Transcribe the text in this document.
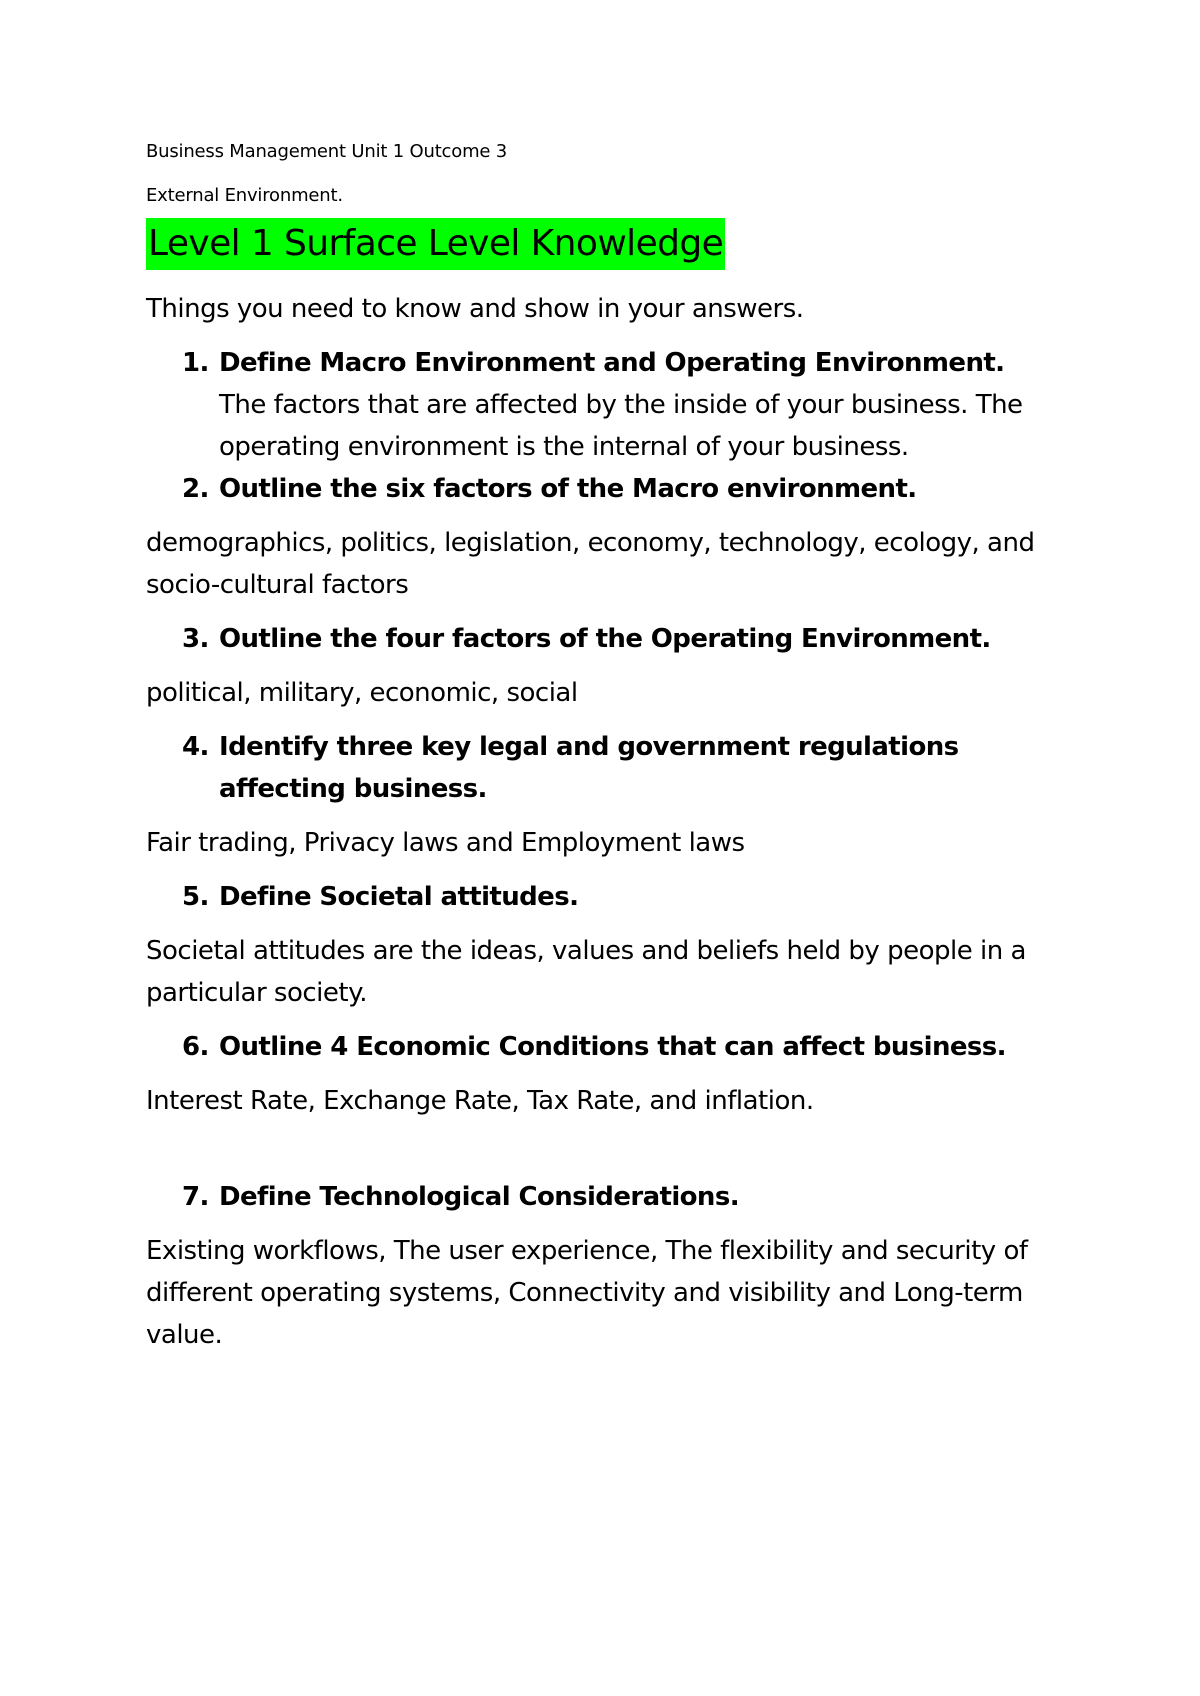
Business Management Unit 1 Outcome 3

External Environment.

Level 1 Surface Level Knowledge

Things you need to know and show in your answers.

1. Define Macro Environment and Operating Environment.

The factors that are affected by the inside of your business. The operating environment is the internal of your business.

2. Outline the six factors of the Macro environment.

demographics, politics, legislation, economy, technology, ecology, and socio-cultural factors

3. Outline the four factors of the Operating Environment.

political, military, economic, social

4. Identify three key legal and government regulations affecting business.

Fair trading, Privacy laws and Employment laws

5. Define Societal attitudes.

Societal attitudes are the ideas, values and beliefs held by people in a particular society.

6. Outline 4 Economic Conditions that can affect business.

Interest Rate, Exchange Rate, Tax Rate, and inflation.

7. Define Technological Considerations.

Existing workflows, The user experience, The flexibility and security of different operating systems, Connectivity and visibility and Long-term value.
